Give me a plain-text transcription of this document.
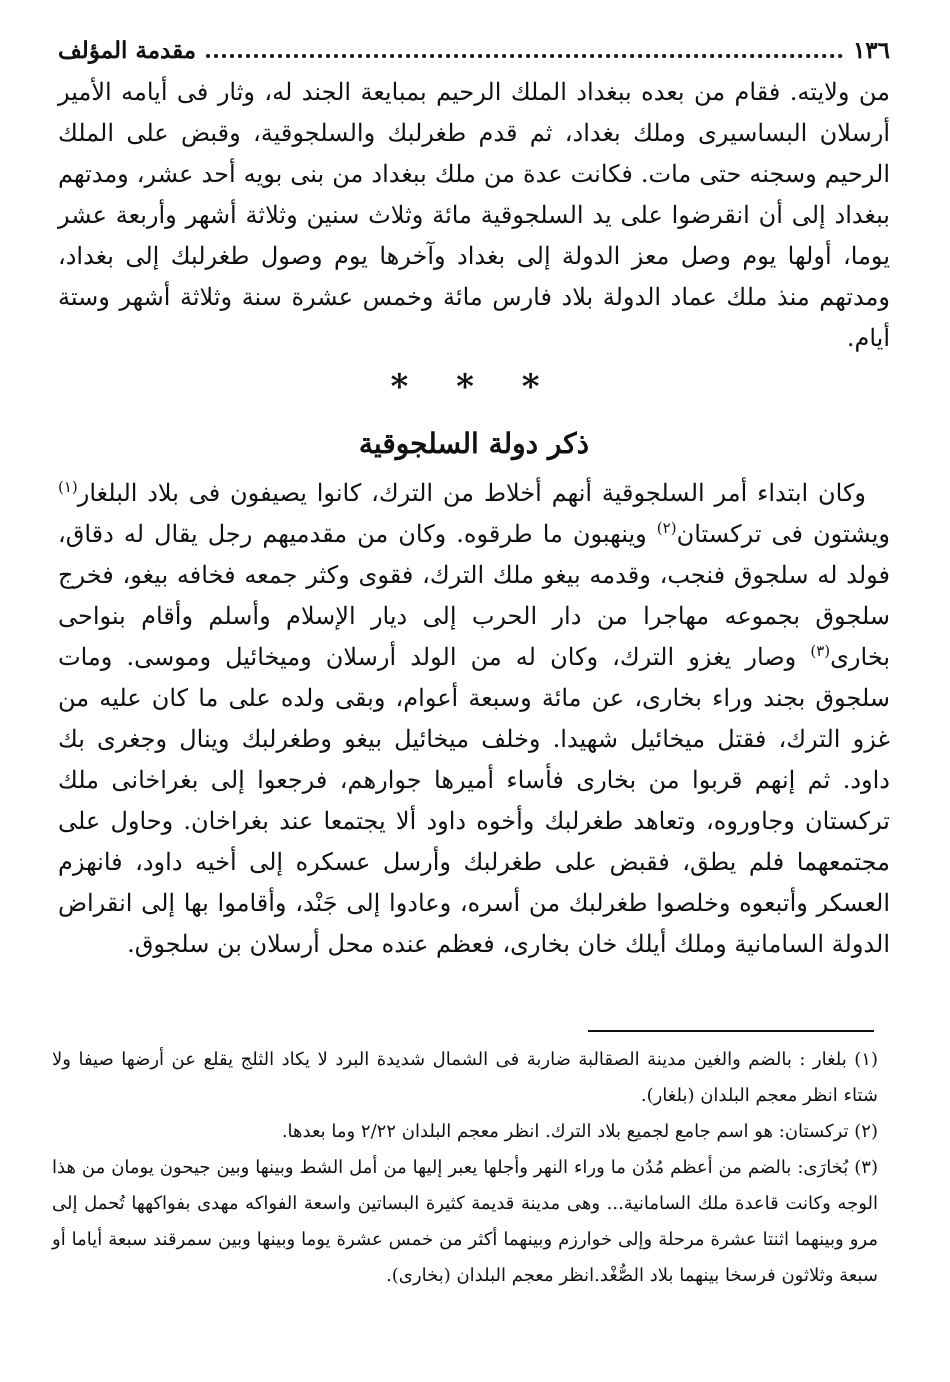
١٣٦
مقدمة المؤلف

من ولايته. فقام من بعده ببغداد الملك الرحيم بمبايعة الجند له، وثار فى أيامه الأمير أرسلان البساسيرى وملك بغداد، ثم قدم طغرلبك والسلجوقية، وقبض على الملك الرحيم وسجنه حتى مات. فكانت عدة من ملك ببغداد من بنى بويه أحد عشر، ومدتهم ببغداد إلى أن انقرضوا على يد السلجوقية مائة وثلاث سنين وثلاثة أشهر وأربعة عشر يوما، أولها يوم وصل معز الدولة إلى بغداد وآخرها يوم وصول طغرلبك إلى بغداد، ومدتهم منذ ملك عماد الدولة بلاد فارس مائة وخمس عشرة سنة وثلاثة أشهر وستة أيام.

* * *
ذكر دولة السلجوقية

وكان ابتداء أمر السلجوقية أنهم أخلاط من الترك، كانوا يصيفون فى بلاد البلغار$^{(١)}$ ويشتون فى تركستان$^{(٢)}$ وينهبون ما طرقوه. وكان من مقدميهم رجل يقال له دقاق، فولد له سلجوق فنجب، وقدمه بيغو ملك الترك، فقوى وكثر جمعه فخافه بيغو، فخرج سلجوق بجموعه مهاجرا من دار الحرب إلى ديار الإسلام وأسلم وأقام بنواحى بخارى$^{(٣)}$ وصار يغزو الترك، وكان له من الولد أرسلان وميخائيل وموسى. ومات سلجوق بجند وراء بخارى، عن مائة وسبعة أعوام، وبقى ولده على ما كان عليه من غزو الترك، فقتل ميخائيل شهيدا. وخلف ميخائيل بيغو وطغرلبك وينال وجغرى بك داود. ثم إنهم قربوا من بخارى فأساء أميرها جوارهم، فرجعوا إلى بغراخانى ملك تركستان وجاوروه، وتعاهد طغرلبك وأخوه داود ألا يجتمعا عند بغراخان. وحاول على مجتمعهما فلم يطق، فقبض على طغرلبك وأرسل عسكره إلى أخيه داود، فانهزم العسكر وأتبعوه وخلصوا طغرلبك من أسره، وعادوا إلى جَنْد، وأقاموا بها إلى انقراض الدولة السامانية وملك أيلك خان بخارى، فعظم عنده محل أرسلان بن سلجوق.

(١) بلغار : بالضم والغين مدينة الصقالبة ضاربة فى الشمال شديدة البرد لا يكاد الثلج يقلع عن أرضها صيفا ولا شتاء انظر معجم البلدان (بلغار).

(٢) تركستان: هو اسم جامع لجميع بلاد الترك. انظر معجم البلدان ٢/٢٢ وما بعدها.

(٣) بُخارَى: بالضم من أعظم مُدُن ما وراء النهر وأجلها يعبر إليها من أمل الشط وبينها وبين جيحون يومان من هذا الوجه وكانت قاعدة ملك السامانية... وهى مدينة قديمة كثيرة البساتين واسعة الفواكه مهدى بفواكهها تُحمل إلى مرو وبينهما اثنتا عشرة مرحلة وإلى خوارزم وبينهما أكثر من خمس عشرة يوما وبينها وبين سمرقند سبعة أياما أو سبعة وثلاثون فرسخا بينهما بلاد الصُّغْد.انظر معجم البلدان (بخارى).
